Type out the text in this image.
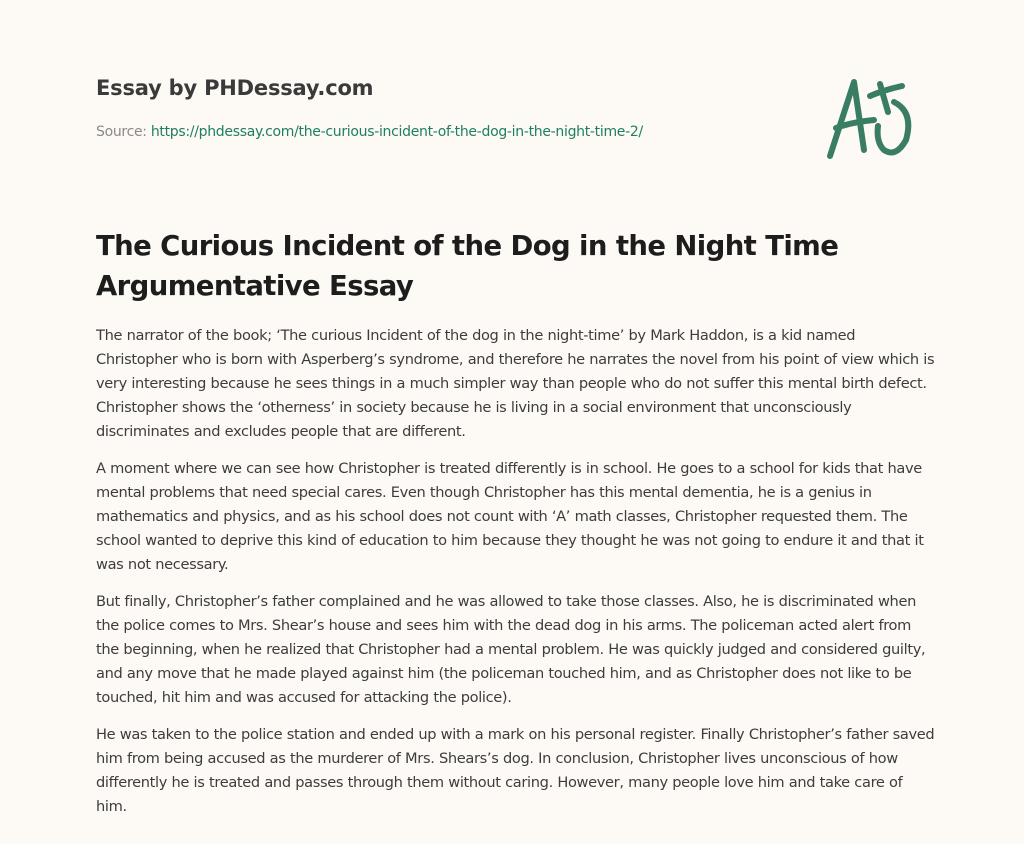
Essay by PHDessay.com
Source: https://phdessay.com/the-curious-incident-of-the-dog-in-the-night-time-2/
The Curious Incident of the Dog in the Night Time Argumentative Essay

The narrator of the book; ‘The curious Incident of the dog in the night-time’ by Mark Haddon, is a kid named Christopher who is born with Asperberg’s syndrome, and therefore he narrates the novel from his point of view which is very interesting because he sees things in a much simpler way than people who do not suffer this mental birth defect. Christopher shows the ‘otherness’ in society because he is living in a social environment that unconsciously discriminates and excludes people that are different.

A moment where we can see how Christopher is treated differently is in school. He goes to a school for kids that have mental problems that need special cares. Even though Christopher has this mental dementia, he is a genius in mathematics and physics, and as his school does not count with ‘A’ math classes, Christopher requested them. The school wanted to deprive this kind of education to him because they thought he was not going to endure it and that it was not necessary.

But finally, Christopher’s father complained and he was allowed to take those classes. Also, he is discriminated when the police comes to Mrs. Shear’s house and sees him with the dead dog in his arms. The policeman acted alert from the beginning, when he realized that Christopher had a mental problem. He was quickly judged and considered guilty, and any move that he made played against him (the policeman touched him, and as Christopher does not like to be touched, hit him and was accused for attacking the police).

He was taken to the police station and ended up with a mark on his personal register. Finally Christopher’s father saved him from being accused as the murderer of Mrs. Shears’s dog. In conclusion, Christopher lives unconscious of how differently he is treated and passes through them without caring. However, many people love him and take care of him.
